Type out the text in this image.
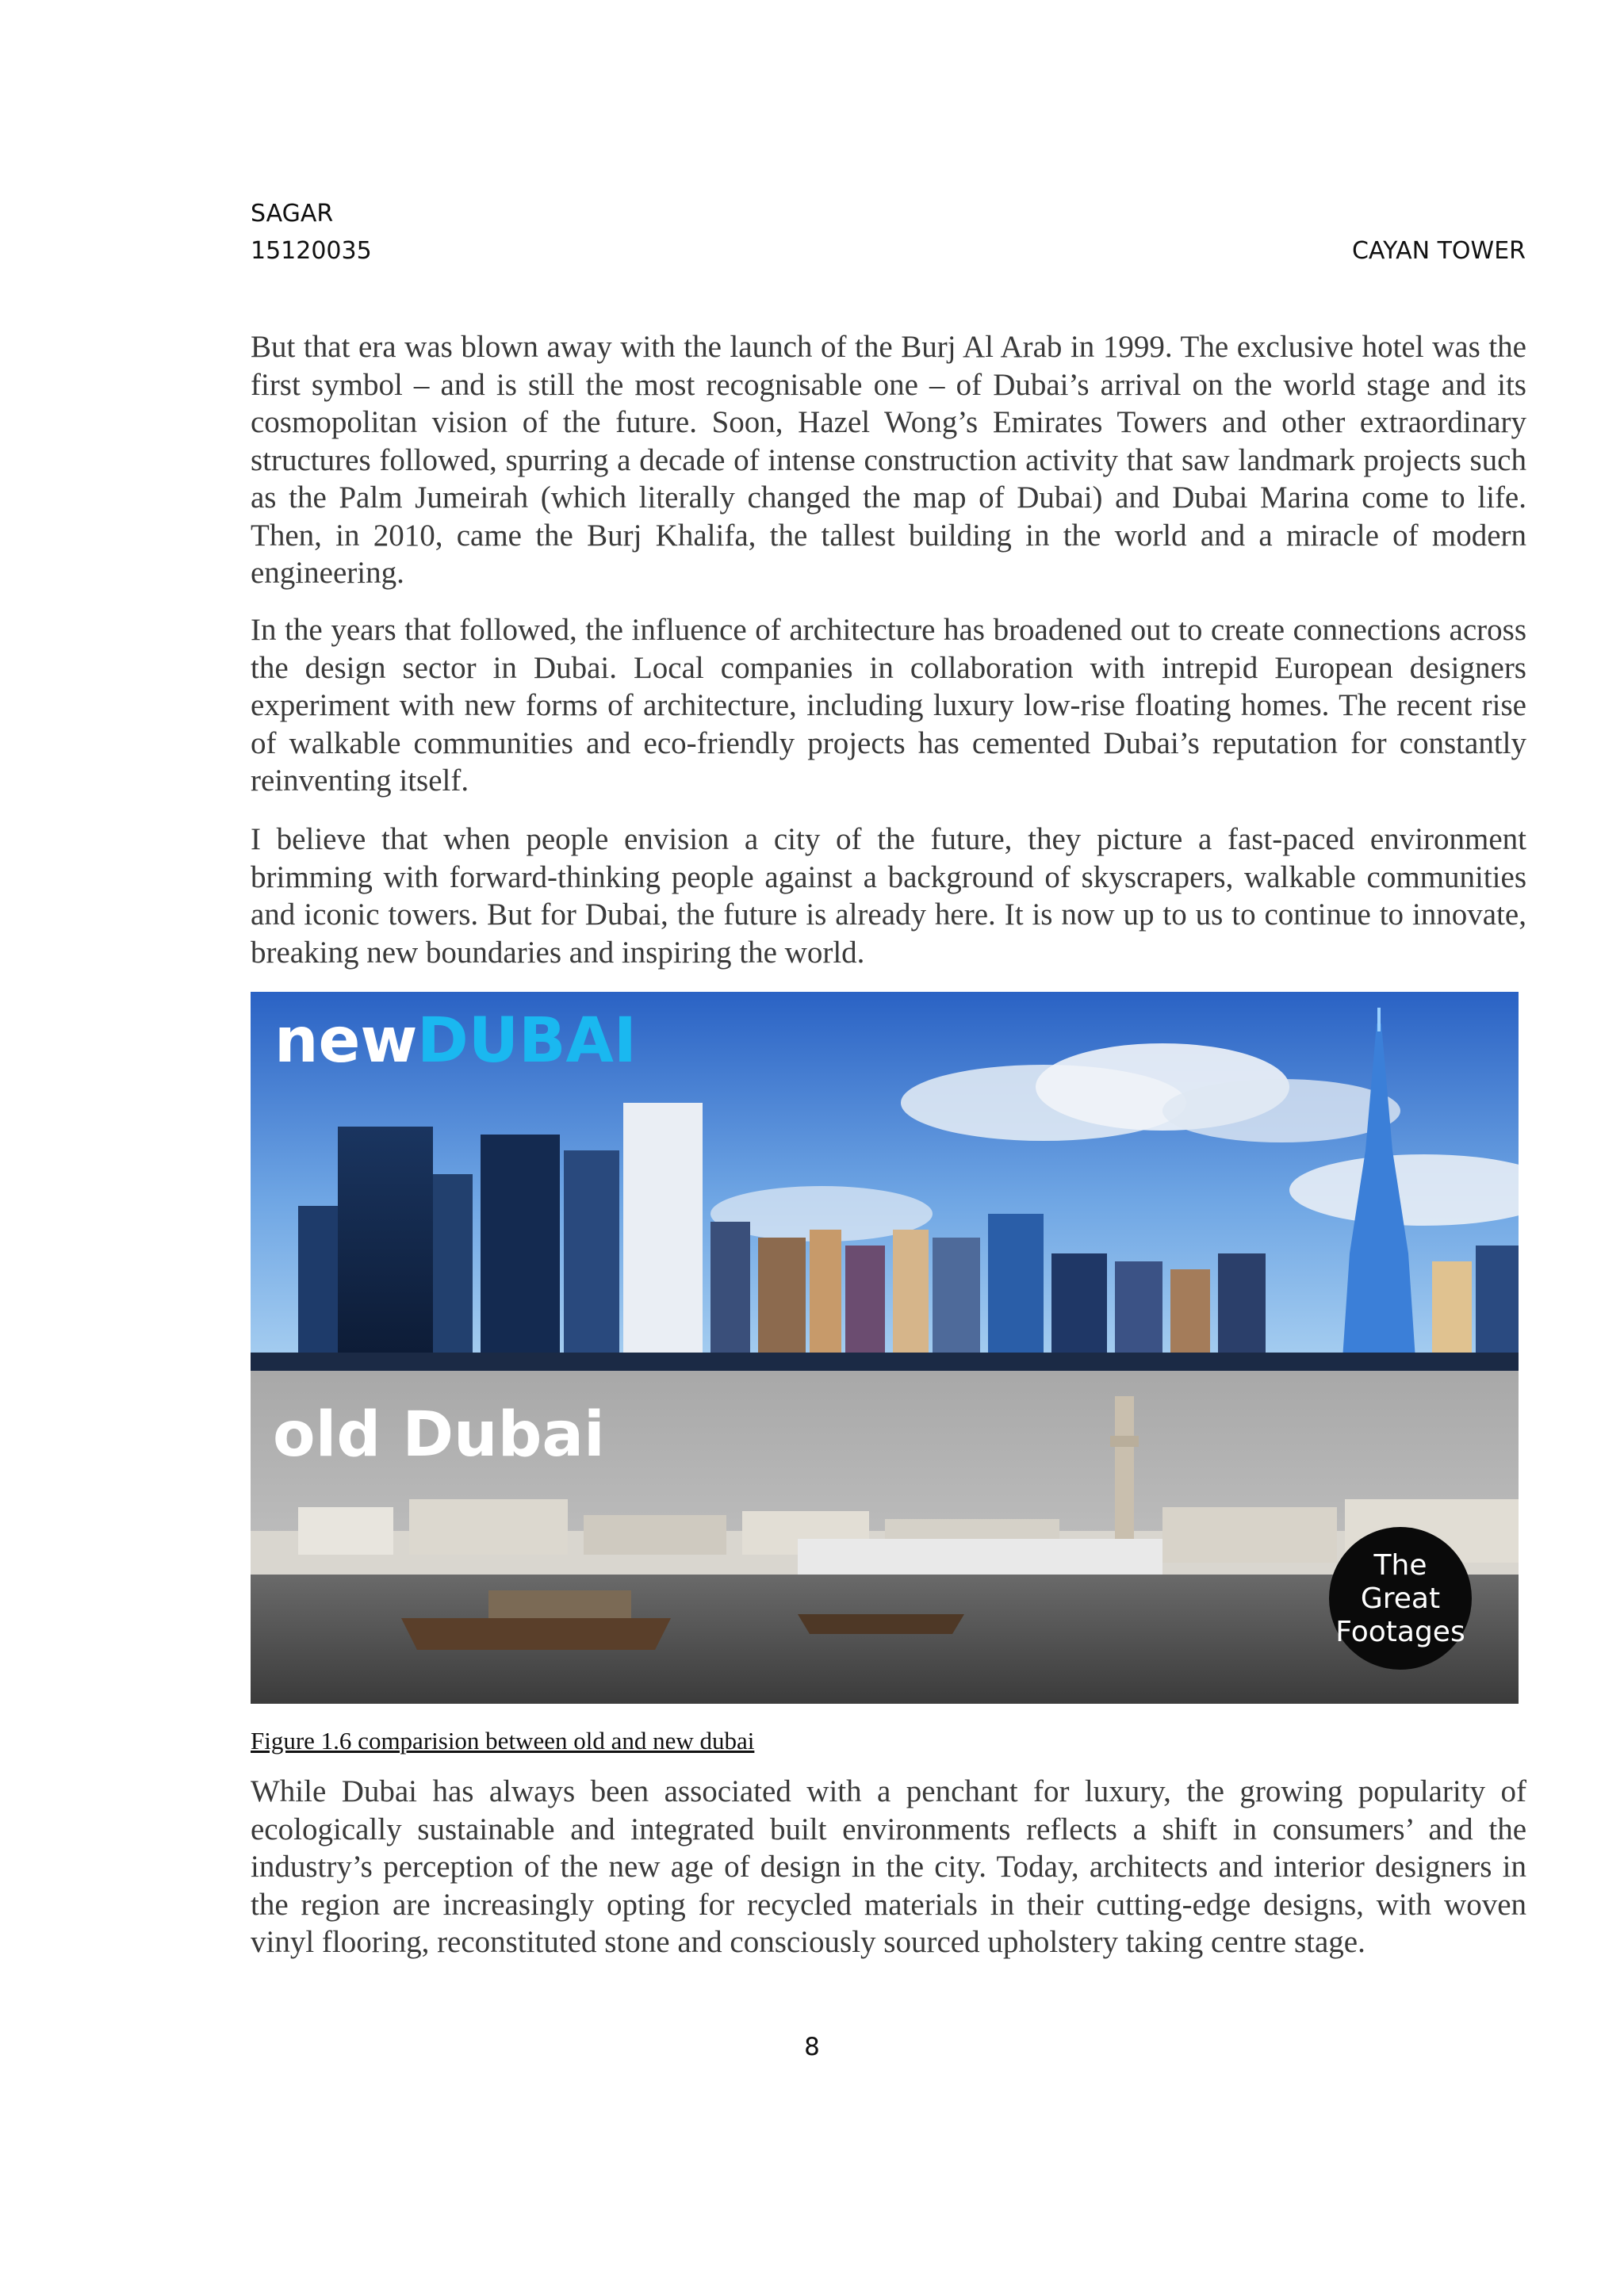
SAGAR
15120035	CAYAN TOWER

But that era was blown away with the launch of the Burj Al Arab in 1999. The exclusive hotel was the first symbol – and is still the most recognisable one – of Dubai’s arrival on the world stage and its cosmopolitan vision of the future. Soon, Hazel Wong’s Emirates Towers and other extraordinary structures followed, spurring a decade of intense construction activity that saw landmark projects such as the Palm Jumeirah (which literally changed the map of Dubai) and Dubai Marina come to life. Then, in 2010, came the Burj Khalifa, the tallest building in the world and a miracle of modern engineering.

In the years that followed, the influence of architecture has broadened out to create connections across the design sector in Dubai. Local companies in collaboration with intrepid European designers experiment with new forms of architecture, including luxury low-rise floating homes. The recent rise of walkable communities and eco-friendly projects has cemented Dubai’s reputation for constantly reinventing itself.

I believe that when people envision a city of the future, they picture a fast-paced environment brimming with forward-thinking people against a background of skyscrapers, walkable communities and iconic towers. But for Dubai, the future is already here. It is now up to us to continue to innovate, breaking new boundaries and inspiring the world.

new DUBAI
old Dubai
The
Great
Footages
Figure 1.6 comparision between old and new dubai

While Dubai has always been associated with a penchant for luxury, the growing popularity of ecologically sustainable and integrated built environments reflects a shift in consumers’ and the industry’s perception of the new age of design in the city. Today, architects and interior designers in the region are increasingly opting for recycled materials in their cutting-edge designs, with woven vinyl flooring, reconstituted stone and consciously sourced upholstery taking centre stage.

8
